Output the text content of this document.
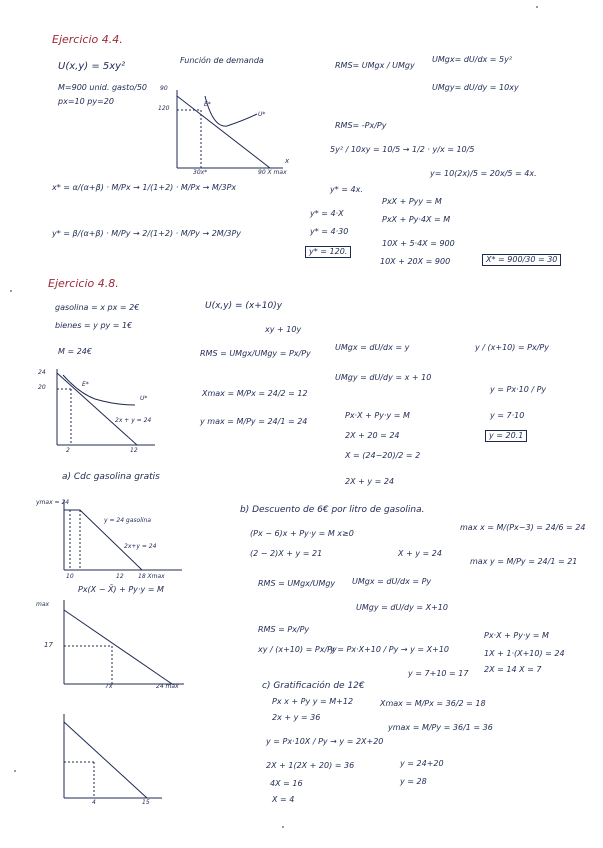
Ejercicio 4.4.
U(x,y) = 5xy²
Función de demanda
M=900 unid. gasto/50
px=10 py=20
120
90
E*
U*
30x*	90 X max
x
RMS= UMgx / UMgy
UMgx= dU/dx = 5y²
UMgy= dU/dy = 10xy
RMS= -Px/Py
5y² / 10xy = 10/5 → 1/2 · y/x = 10/5
y= 10(2x)/5 = 20x/5 = 4x.
x* = α/(α+β) · M/Px → 1/(1+2) · M/Px → M/3Px
y* = β/(α+β) · M/Py → 2/(1+2) · M/Py → 2M/3Py
y* = 4x.
y* = 4·X
y* = 4·30
y* = 120.
PxX + Pyy = M
PxX + Py·4X = M
10X + 5·4X = 900
10X + 20X = 900	X* = 900/30 = 30
Ejercicio 4.8.
gasolina = x px = 2€
bienes = y py = 1€
M = 24€
U(x,y) = (x+10)y
xy + 10y
RMS = UMgx/UMgy = Px/Py
UMgx = dU/dx = y
UMgy = dU/dy = x + 10
y / (x+10) = Px/Py
y = Px·10 / Py
y = 7·10
y = 20.1
Xmax = M/Px = 24/2 = 12
y max = M/Py = 24/1 = 24
Px·X + Py·y = M
2X + 20 = 24
X = (24−20)/2 = 2
2X + y = 24
24
20	E*
U*
2x + y = 24
2	12
a) Cdc gasolina gratis
ymax = 24
y = 24 gasolina
2x+y = 24
10	12 18 Xmax
Px(X − X̄) + Py·y = M
max
17
7x	24 max
4	15
b) Descuento de 6€ por litro de gasolina.
(Px − 6)x + Py·y = M x≥0
(2 − 2)X + y = 21	X + y = 24
max x = M/(Px−3) = 24/6 = 24
max y = M/Py = 24/1 = 21
RMS = UMgx/UMgy UMgx = dU/dx = Py
UMgy = dU/dy = X+10
RMS = Px/Py
xy / (x+10) = Px/Py
y = Px·X+10 / Py → y = X+10
y = 7+10 = 17
Px·X + Py·y = M
1X + 1·(X+10) = 24
2X = 14 X = 7
c) Gratificación de 12€
Px x + Py y = M+12
2x + y = 36
Xmax = M/Px = 36/2 = 18
ymax = M/Py = 36/1 = 36
y = Px·10X / Py → y = 2X+20
2X + 1(2X + 20) = 36
4X = 16
X = 4
y = 24+20
y = 28
